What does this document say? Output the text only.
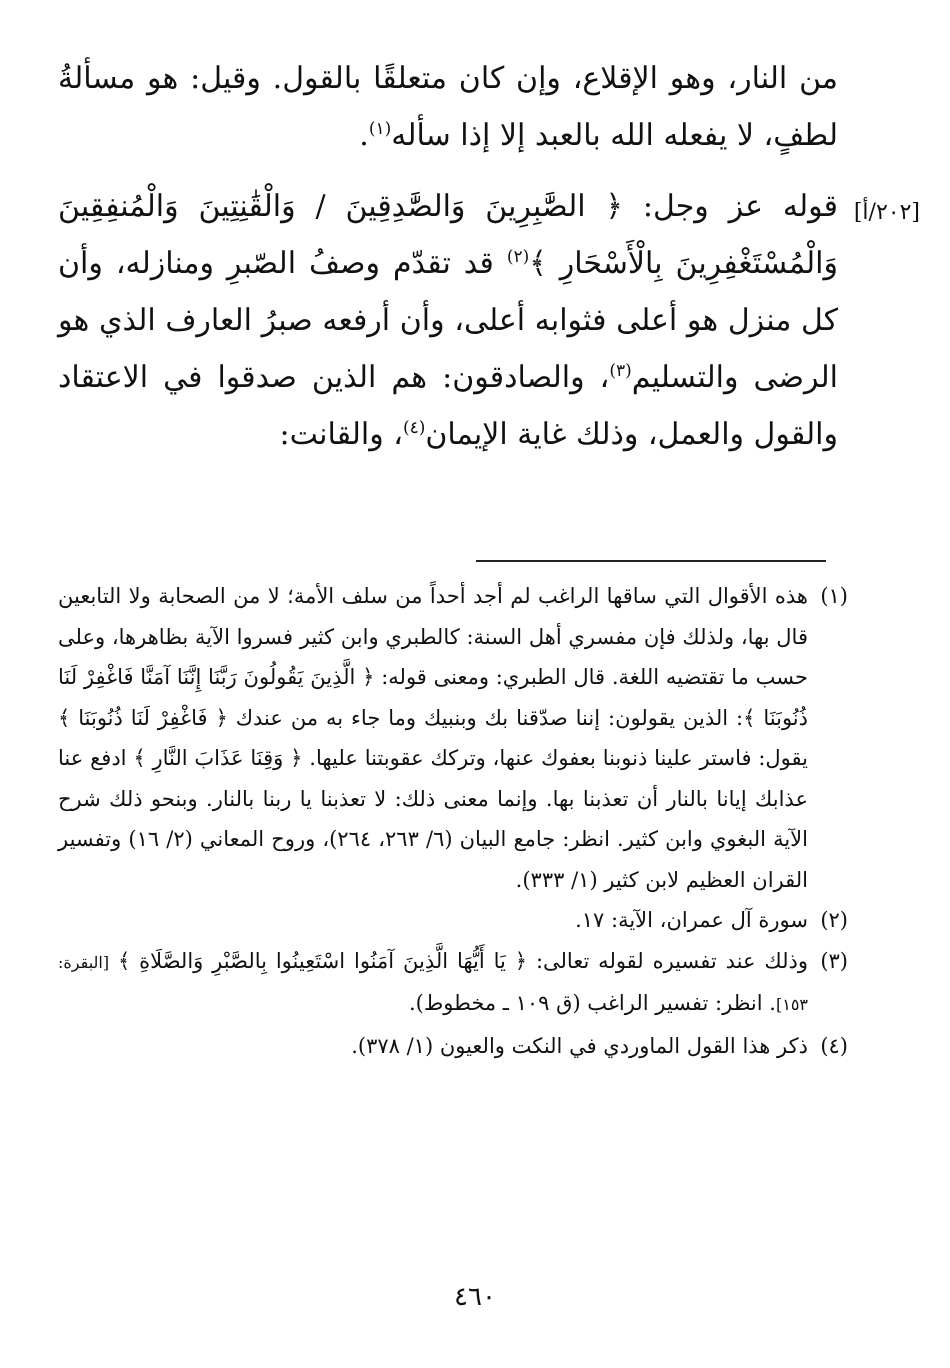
من النار، وهو الإقلاع، وإن كان متعلقًا بالقول. وقيل: هو مسألةُ لطفٍ، لا يفعله الله بالعبد إلا إذا سأله$^{(١)}$.

قوله عز وجل: ﴿ الصَّٰبِرِينَ وَالصَّٰدِقِينَ / وَالْقَٰنِتِينَ وَالْمُنفِقِينَ وَالْمُسْتَغْفِرِينَ بِالْأَسْحَارِ ﴾$^{(٢)}$ قد تقدّم وصفُ الصّبرِ ومنازله، وأن كل منزل هو أعلى فثوابه أعلى، وأن أرفعه صبرُ العارف الذي هو الرضى والتسليم$^{(٣)}$، والصادقون: هم الذين صدقوا في الاعتقاد والقول والعمل، وذلك غاية الإيمان$^{(٤)}$، والقانت:

[٢٠٢/أ]

(١)
هذه الأقوال التي ساقها الراغب لم أجد أحداً من سلف الأمة؛ لا من الصحابة ولا التابعين قال بها، ولذلك فإن مفسري أهل السنة: كالطبري وابن كثير فسروا الآية بظاهرها، وعلى حسب ما تقتضيه اللغة. قال الطبري: ومعنى قوله: ﴿ الَّذِينَ يَقُولُونَ رَبَّنَا إِنَّنَا آمَنَّا فَاغْفِرْ لَنَا ذُنُوبَنَا ﴾: الذين يقولون: إننا صدّقنا بك وبنبيك وما جاء به من عندك ﴿ فَاغْفِرْ لَنَا ذُنُوبَنَا ﴾ يقول: فاستر علينا ذنوبنا بعفوك عنها، وتركك عقوبتنا عليها. ﴿ وَقِنَا عَذَابَ النَّارِ ﴾ ادفع عنا عذابك إيانا بالنار أن تعذبنا بها. وإنما معنى ذلك: لا تعذبنا يا ربنا بالنار. وبنحو ذلك شرح الآية البغوي وابن كثير. انظر: جامع البيان (٦/ ٢٦٣، ٢٦٤)، وروح المعاني (٢/ ١٦) وتفسير القران العظيم لابن كثير (١/ ٣٣٣).

(٢)
سورة آل عمران، الآية: ١٧.

(٣)
وذلك عند تفسيره لقوله تعالى: ﴿ يَا أَيُّهَا الَّذِينَ آمَنُوا اسْتَعِينُوا بِالصَّبْرِ وَالصَّلَاةِ ﴾ [البقرة: ١٥٣]. انظر: تفسير الراغب (ق ١٠٩ ـ مخطوط).

(٤)
ذكر هذا القول الماوردي في النكت والعيون (١/ ٣٧٨).

٤٦٠
